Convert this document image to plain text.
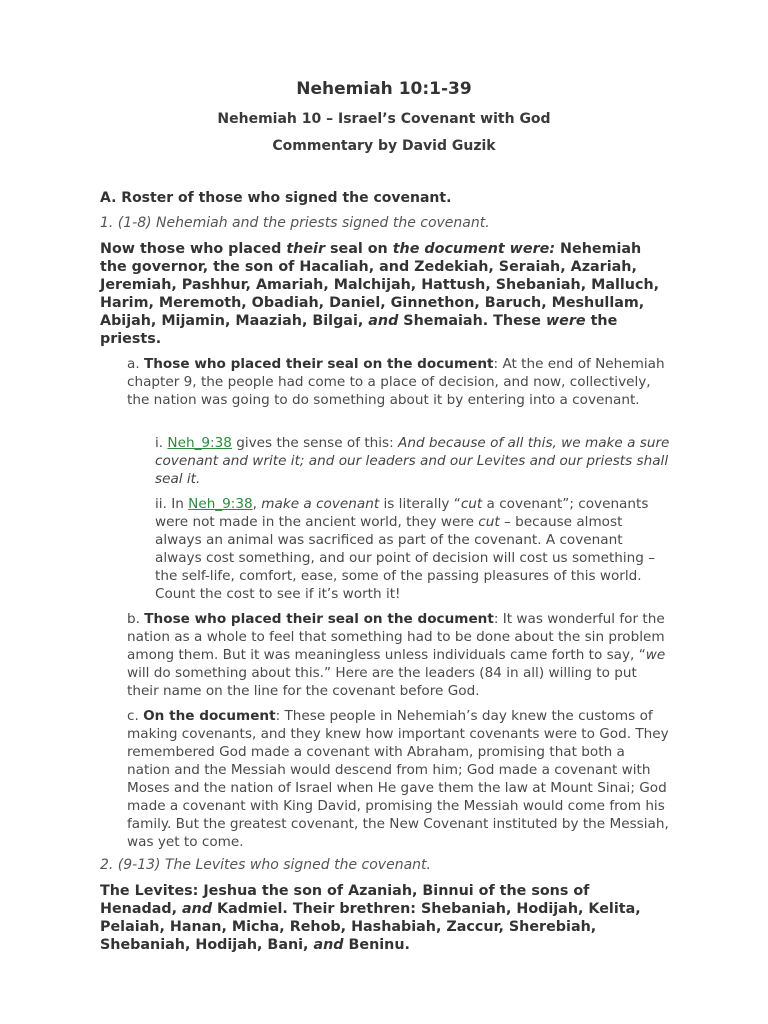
Nehemiah 10:1-39
Nehemiah 10 – Israel’s Covenant with God
Commentary by David Guzik
A. Roster of those who signed the covenant.
1. (1-8) Nehemiah and the priests signed the covenant.
Now those who placed their seal on the document were: Nehemiah the governor, the son of Hacaliah, and Zedekiah, Seraiah, Azariah, Jeremiah, Pashhur, Amariah, Malchijah, Hattush, Shebaniah, Malluch, Harim, Meremoth, Obadiah, Daniel, Ginnethon, Baruch, Meshullam, Abijah, Mijamin, Maaziah, Bilgai, and Shemaiah. These were the priests.
a. Those who placed their seal on the document: At the end of Nehemiah chapter 9, the people had come to a place of decision, and now, collectively, the nation was going to do something about it by entering into a covenant.
i. Neh_9:38 gives the sense of this: And because of all this, we make a sure covenant and write it; and our leaders and our Levites and our priests shall seal it.
ii. In Neh_9:38, make a covenant is literally “cut a covenant”; covenants were not made in the ancient world, they were cut – because almost always an animal was sacrificed as part of the covenant. A covenant always cost something, and our point of decision will cost us something – the self-life, comfort, ease, some of the passing pleasures of this world. Count the cost to see if it’s worth it!
b. Those who placed their seal on the document: It was wonderful for the nation as a whole to feel that something had to be done about the sin problem among them. But it was meaningless unless individuals came forth to say, “we will do something about this.” Here are the leaders (84 in all) willing to put their name on the line for the covenant before God.
c. On the document: These people in Nehemiah’s day knew the customs of making covenants, and they knew how important covenants were to God. They remembered God made a covenant with Abraham, promising that both a nation and the Messiah would descend from him; God made a covenant with Moses and the nation of Israel when He gave them the law at Mount Sinai; God made a covenant with King David, promising the Messiah would come from his family. But the greatest covenant, the New Covenant instituted by the Messiah, was yet to come.
2. (9-13) The Levites who signed the covenant.
The Levites: Jeshua the son of Azaniah, Binnui of the sons of Henadad, and Kadmiel. Their brethren: Shebaniah, Hodijah, Kelita, Pelaiah, Hanan, Micha, Rehob, Hashabiah, Zaccur, Sherebiah, Shebaniah, Hodijah, Bani, and Beninu.
